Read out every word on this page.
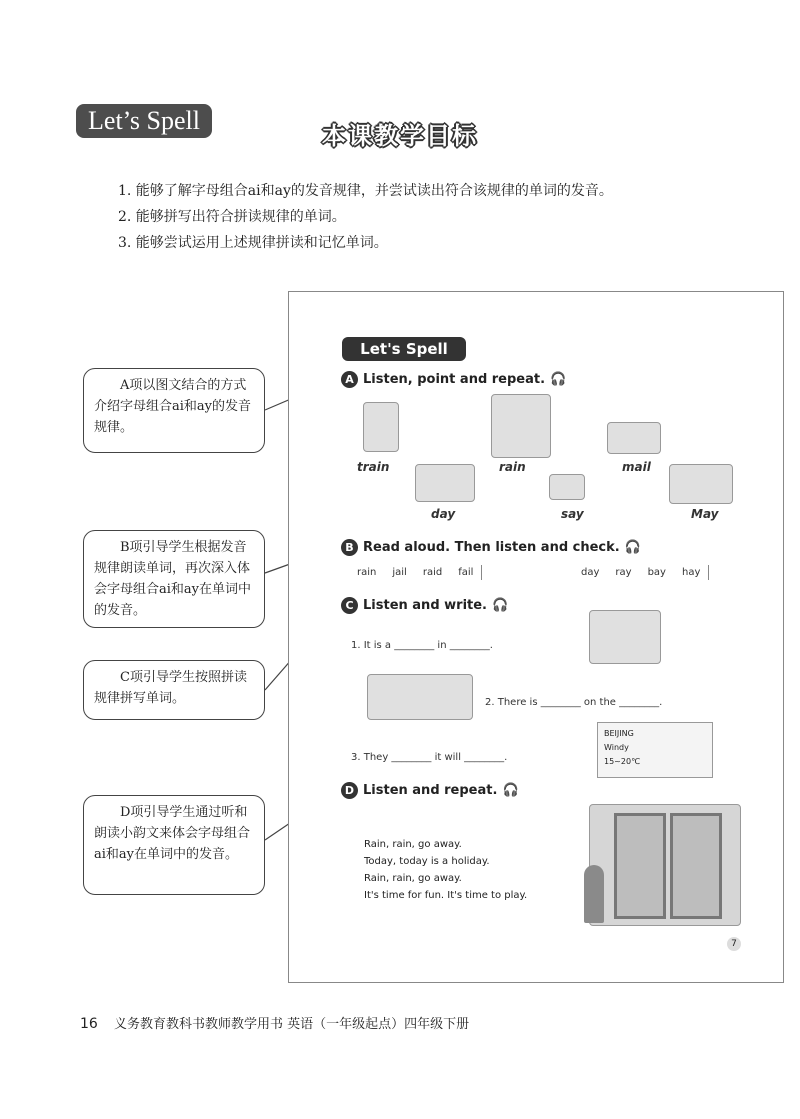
Let’s Spell
本课教学目标
1. 能够了解字母组合ai和ay的发音规律，并尝试读出符合该规律的单词的发音。
2. 能够拼写出符合拼读规律的单词。
3. 能够尝试运用上述规律拼读和记忆单词。
A项以图文结合的方式介绍字母组合ai和ay的发音规律。
B项引导学生根据发音规律朗读单词，再次深入体会字母组合ai和ay在单词中的发音。
C项引导学生按照拼读规律拼写单词。
D项引导学生通过听和朗读小韵文来体会字母组合ai和ay在单词中的发音。
Let's Spell
A Listen, point and repeat. 🎧
train	rain	mail
day	say	May
B Read aloud. Then listen and check. 🎧
rain jail raid fail	day ray bay hay
C Listen and write. 🎧
1. It is a ________ in ________.
2. There is ________ on the ________.
3. They ________ it will ________.
BEIJING
Windy
15~20℃
D Listen and repeat. 🎧
Rain, rain, go away.
Today, today is a holiday.
Rain, rain, go away.
It's time for fun. It's time to play.
7
16 义务教育教科书教师教学用书 英语（一年级起点）四年级下册
